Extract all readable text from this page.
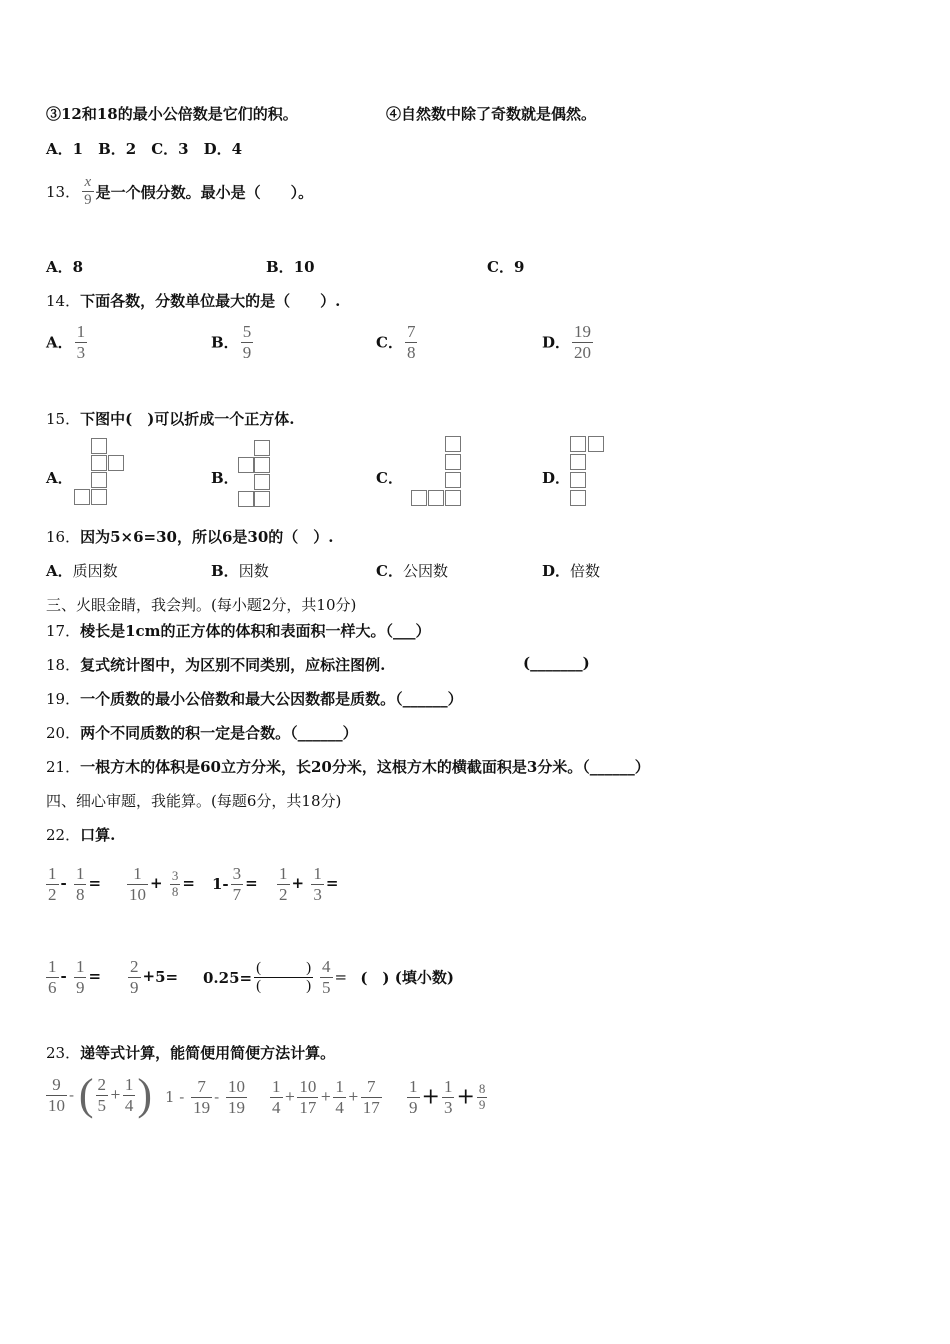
③12和18的最小公倍数是它们的积。	④自然数中除了奇数就是偶然。
A．1　B．2　C．3　D．4
13． $\frac{x}{9}$ 是一个假分数。最小是（　　）。
A．8	B．10	C．9
14．下面各数，分数单位最大的是（　　）.
A． $\frac{1}{3}$	B． $\frac{5}{9}$	C． $\frac{7}{8}$	D． $\frac{19}{20}$
15．下图中(　)可以折成一个正方体.
A．	B．	C．	D．
16．因为5×6=30，所以6是30的（　）.
A．质因数	B．因数	C．公因数	D．倍数
三、火眼金睛，我会判。(每小题2分，共10分)
17．棱长是1cm的正方体的体积和表面积一样大。（___）
18．复式统计图中，为区别不同类别，应标注图例.	(_______)
19．一个质数的最小公倍数和最大公因数都是质数。（______）
20．两个不同质数的积一定是合数。（______）
21．一根方木的体积是60立方分米，长20分米，这根方木的横截面积是3分米。（______）
四、细心审题，我能算。(每题6分，共18分)
22．口算.
$\frac{1}{2} - \frac{1}{8} = \frac{1}{10} + \frac{3}{8} = 1- \frac{3}{7} = \frac{1}{2} + \frac{1}{3}$ =
$\frac{1}{6} - \frac{1}{9} = \frac{2}{9} +5= 0.25= \frac{( )}{( )} \frac{4}{5}$ = (　) (填小数)
23．递等式计算，能简便用简便方法计算。
$\frac{9}{10}$ - ( $\frac{2}{5} + \frac{1}{4}$ ) $1 - \frac{7}{19} - \frac{10}{19} \frac{1}{4} + \frac{10}{17} + \frac{1}{4} + \frac{7}{17} \frac{1}{9} + \frac{1}{3} + \frac{8}{9}$
